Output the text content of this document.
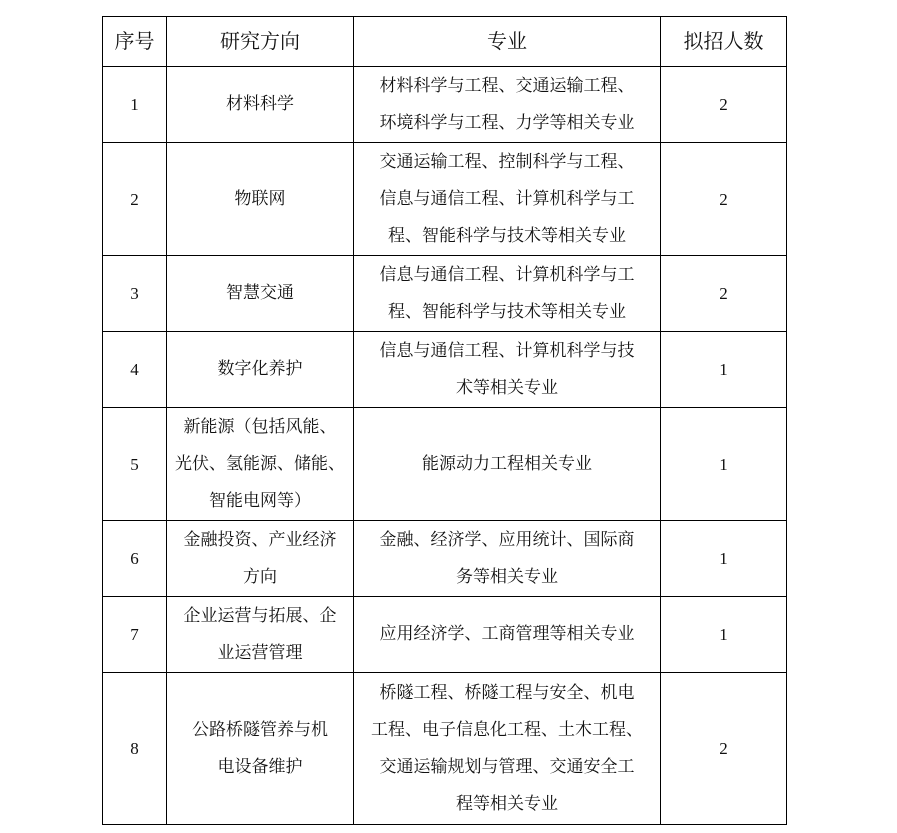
序号	研究方向	专业	拟招人数
1	材料科学	材料科学与工程、交通运输工程、
环境科学与工程、力学等相关专业	2
2	物联网	交通运输工程、控制科学与工程、
信息与通信工程、计算机科学与工
程、智能科学与技术等相关专业	2
3	智慧交通	信息与通信工程、计算机科学与工
程、智能科学与技术等相关专业	2
4	数字化养护	信息与通信工程、计算机科学与技
术等相关专业	1
5	新能源（包括风能、
光伏、氢能源、储能、
智能电网等）	能源动力工程相关专业	1
6	金融投资、产业经济
方向	金融、经济学、应用统计、国际商
务等相关专业	1
7	企业运营与拓展、企
业运营管理	应用经济学、工商管理等相关专业	1
8	公路桥隧管养与机
电设备维护	桥隧工程、桥隧工程与安全、机电
工程、电子信息化工程、土木工程、
交通运输规划与管理、交通安全工
程等相关专业	2
